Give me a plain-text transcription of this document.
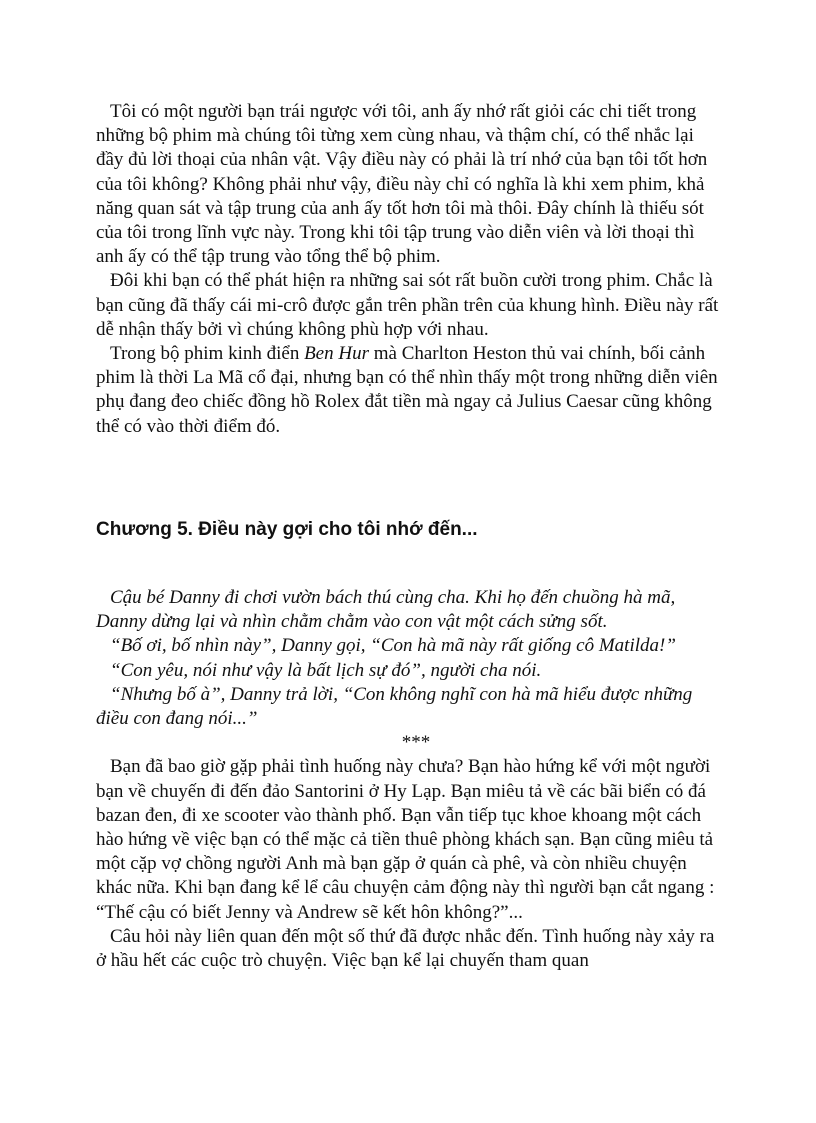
Tôi có một người bạn trái ngược với tôi, anh ấy nhớ rất giỏi các chi tiết trong những bộ phim mà chúng tôi từng xem cùng nhau, và thậm chí, có thể nhắc lại đầy đủ lời thoại của nhân vật. Vậy điều này có phải là trí nhớ của bạn tôi tốt hơn của tôi không? Không phải như vậy, điều này chỉ có nghĩa là khi xem phim, khả năng quan sát và tập trung của anh ấy tốt hơn tôi mà thôi. Đây chính là thiếu sót của tôi trong lĩnh vực này. Trong khi tôi tập trung vào diễn viên và lời thoại thì anh ấy có thể tập trung vào tổng thể bộ phim.

Đôi khi bạn có thể phát hiện ra những sai sót rất buồn cười trong phim. Chắc là bạn cũng đã thấy cái mi-crô được gắn trên phần trên của khung hình. Điều này rất dễ nhận thấy bởi vì chúng không phù hợp với nhau.

Trong bộ phim kinh điển Ben Hur mà Charlton Heston thủ vai chính, bối cảnh phim là thời La Mã cổ đại, nhưng bạn có thể nhìn thấy một trong những diễn viên phụ đang đeo chiếc đồng hồ Rolex đắt tiền mà ngay cả Julius Caesar cũng không thể có vào thời điểm đó.

Chương 5. Điều này gợi cho tôi nhớ đến...

Cậu bé Danny đi chơi vườn bách thú cùng cha. Khi họ đến chuồng hà mã, Danny dừng lại và nhìn chằm chằm vào con vật một cách sửng sốt.

“Bố ơi, bố nhìn này”, Danny gọi, “Con hà mã này rất giống cô Matilda!”

“Con yêu, nói như vậy là bất lịch sự đó”, người cha nói.

“Nhưng bố à”, Danny trả lời, “Con không nghĩ con hà mã hiểu được những điều con đang nói...”

***

Bạn đã bao giờ gặp phải tình huống này chưa? Bạn hào hứng kể với một người bạn về chuyến đi đến đảo Santorini ở Hy Lạp. Bạn miêu tả về các bãi biển có đá bazan đen, đi xe scooter vào thành phố. Bạn vẫn tiếp tục khoe khoang một cách hào hứng về việc bạn có thể mặc cả tiền thuê phòng khách sạn. Bạn cũng miêu tả một cặp vợ chồng người Anh mà bạn gặp ở quán cà phê, và còn nhiều chuyện khác nữa. Khi bạn đang kể lể câu chuyện cảm động này thì người bạn cắt ngang : “Thế cậu có biết Jenny và Andrew sẽ kết hôn không?”...

Câu hỏi này liên quan đến một số thứ đã được nhắc đến. Tình huống này xảy ra ở hầu hết các cuộc trò chuyện. Việc bạn kể lại chuyến tham quan
